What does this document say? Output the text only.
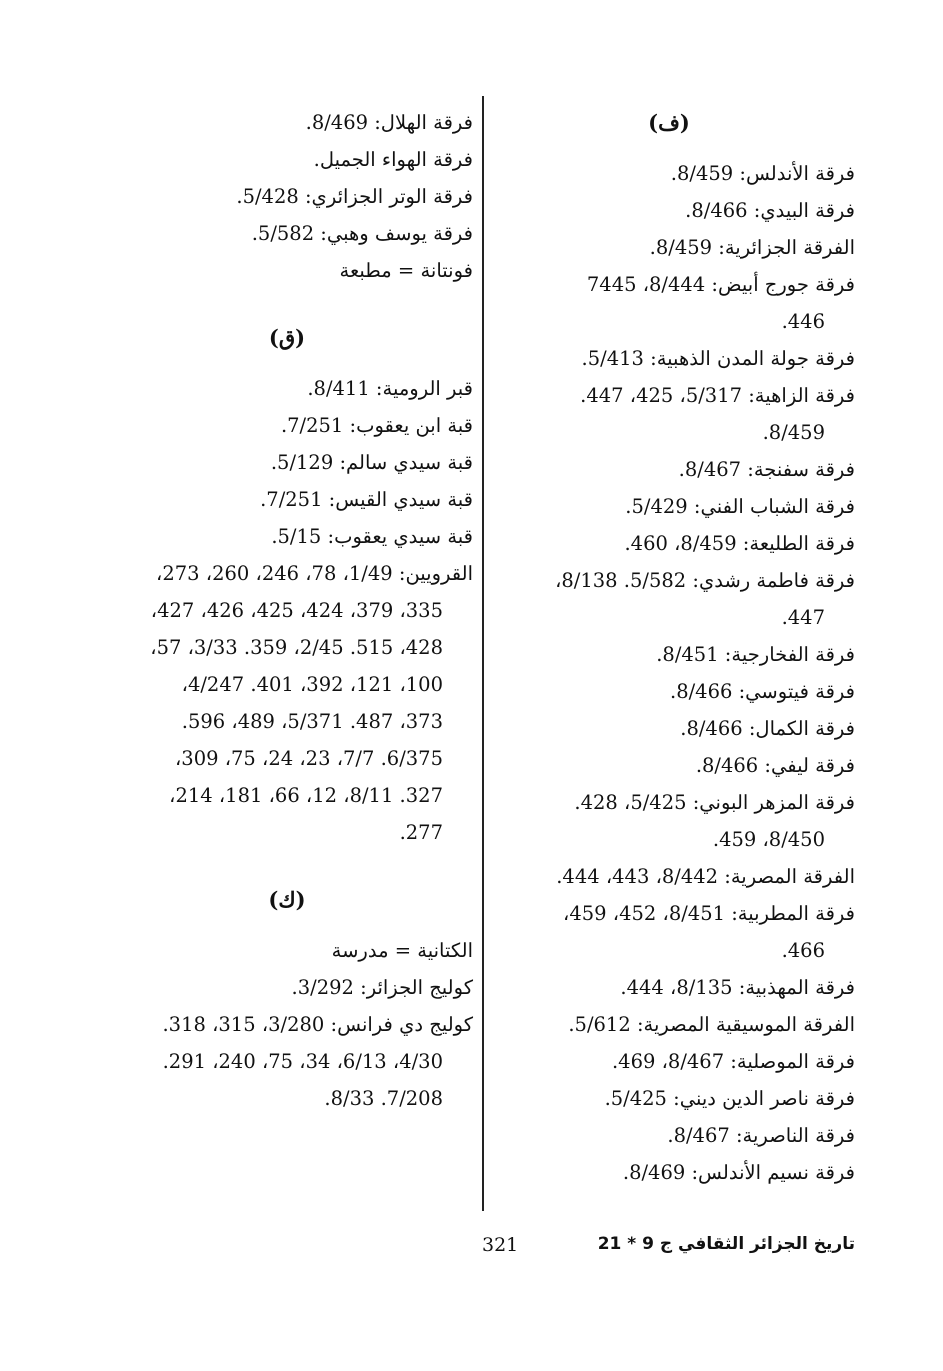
(ف)
فرقة الأندلس: 8/459.
فرقة البيدي: 8/466.
الفرقة الجزائرية: 8/459.
فرقة جورج أبيض: 8/444، 7445
446.
فرقة جولة المدن الذهبية: 5/413.
فرقة الزاهية: 5/317، 425، 447.
8/459.
فرقة سفنجة: 8/467.
فرقة الشباب الفني: 5/429.
فرقة الطليعة: 8/459، 460.
فرقة فاطمة رشدي: 5/582. 8/138،
447.
فرقة الفخارجية: 8/451.
فرقة فيتوسي: 8/466.
فرقة الكمال: 8/466.
فرقة ليفي: 8/466.
فرقة المزهر البوني: 5/425، 428.
8/450، 459.
الفرقة المصرية: 8/442، 443، 444.
فرقة المطربية: 8/451، 452، 459،
466.
فرقة المهذبية: 8/135، 444.
الفرقة الموسيقية المصرية: 5/612.
فرقة الموصلية: 8/467، 469.
فرقة ناصر الدين ديني: 5/425.
فرقة الناصرية: 8/467.
فرقة نسيم الأندلس: 8/469.
فرقة الهلال: 8/469.
فرقة الهواء الجميل.
فرقة الوتر الجزائري: 5/428.
فرقة يوسف وهبي: 5/582.
فونتانة = مطبعة
(ق)
قبر الرومية: 8/411.
قبة ابن يعقوب: 7/251.
قبة سيدي سالم: 5/129.
قبة سيدي القيس: 7/251.
قبة سيدي يعقوب: 5/15.
القرويين: 1/49، 78، 246، 260، 273،
335، 379، 424، 425، 426، 427،
428، 515. 2/45، 359. 3/33، 57،
100، 121، 392، 401. 4/247،
373، 487. 5/371، 489، 596.
6/375. 7/7، 23، 24، 75، 309،
327. 8/11، 12، 66، 181، 214،
277.
(ك)
الكتانية = مدرسة
كوليج الجزائر: 3/292.
كوليج دي فرانس: 3/280، 315، 318.
4/30، 6/13، 34، 75، 240، 291.
7/208. 8/33.
تاريخ الجزائر الثقافي ج 9 * 21
321
